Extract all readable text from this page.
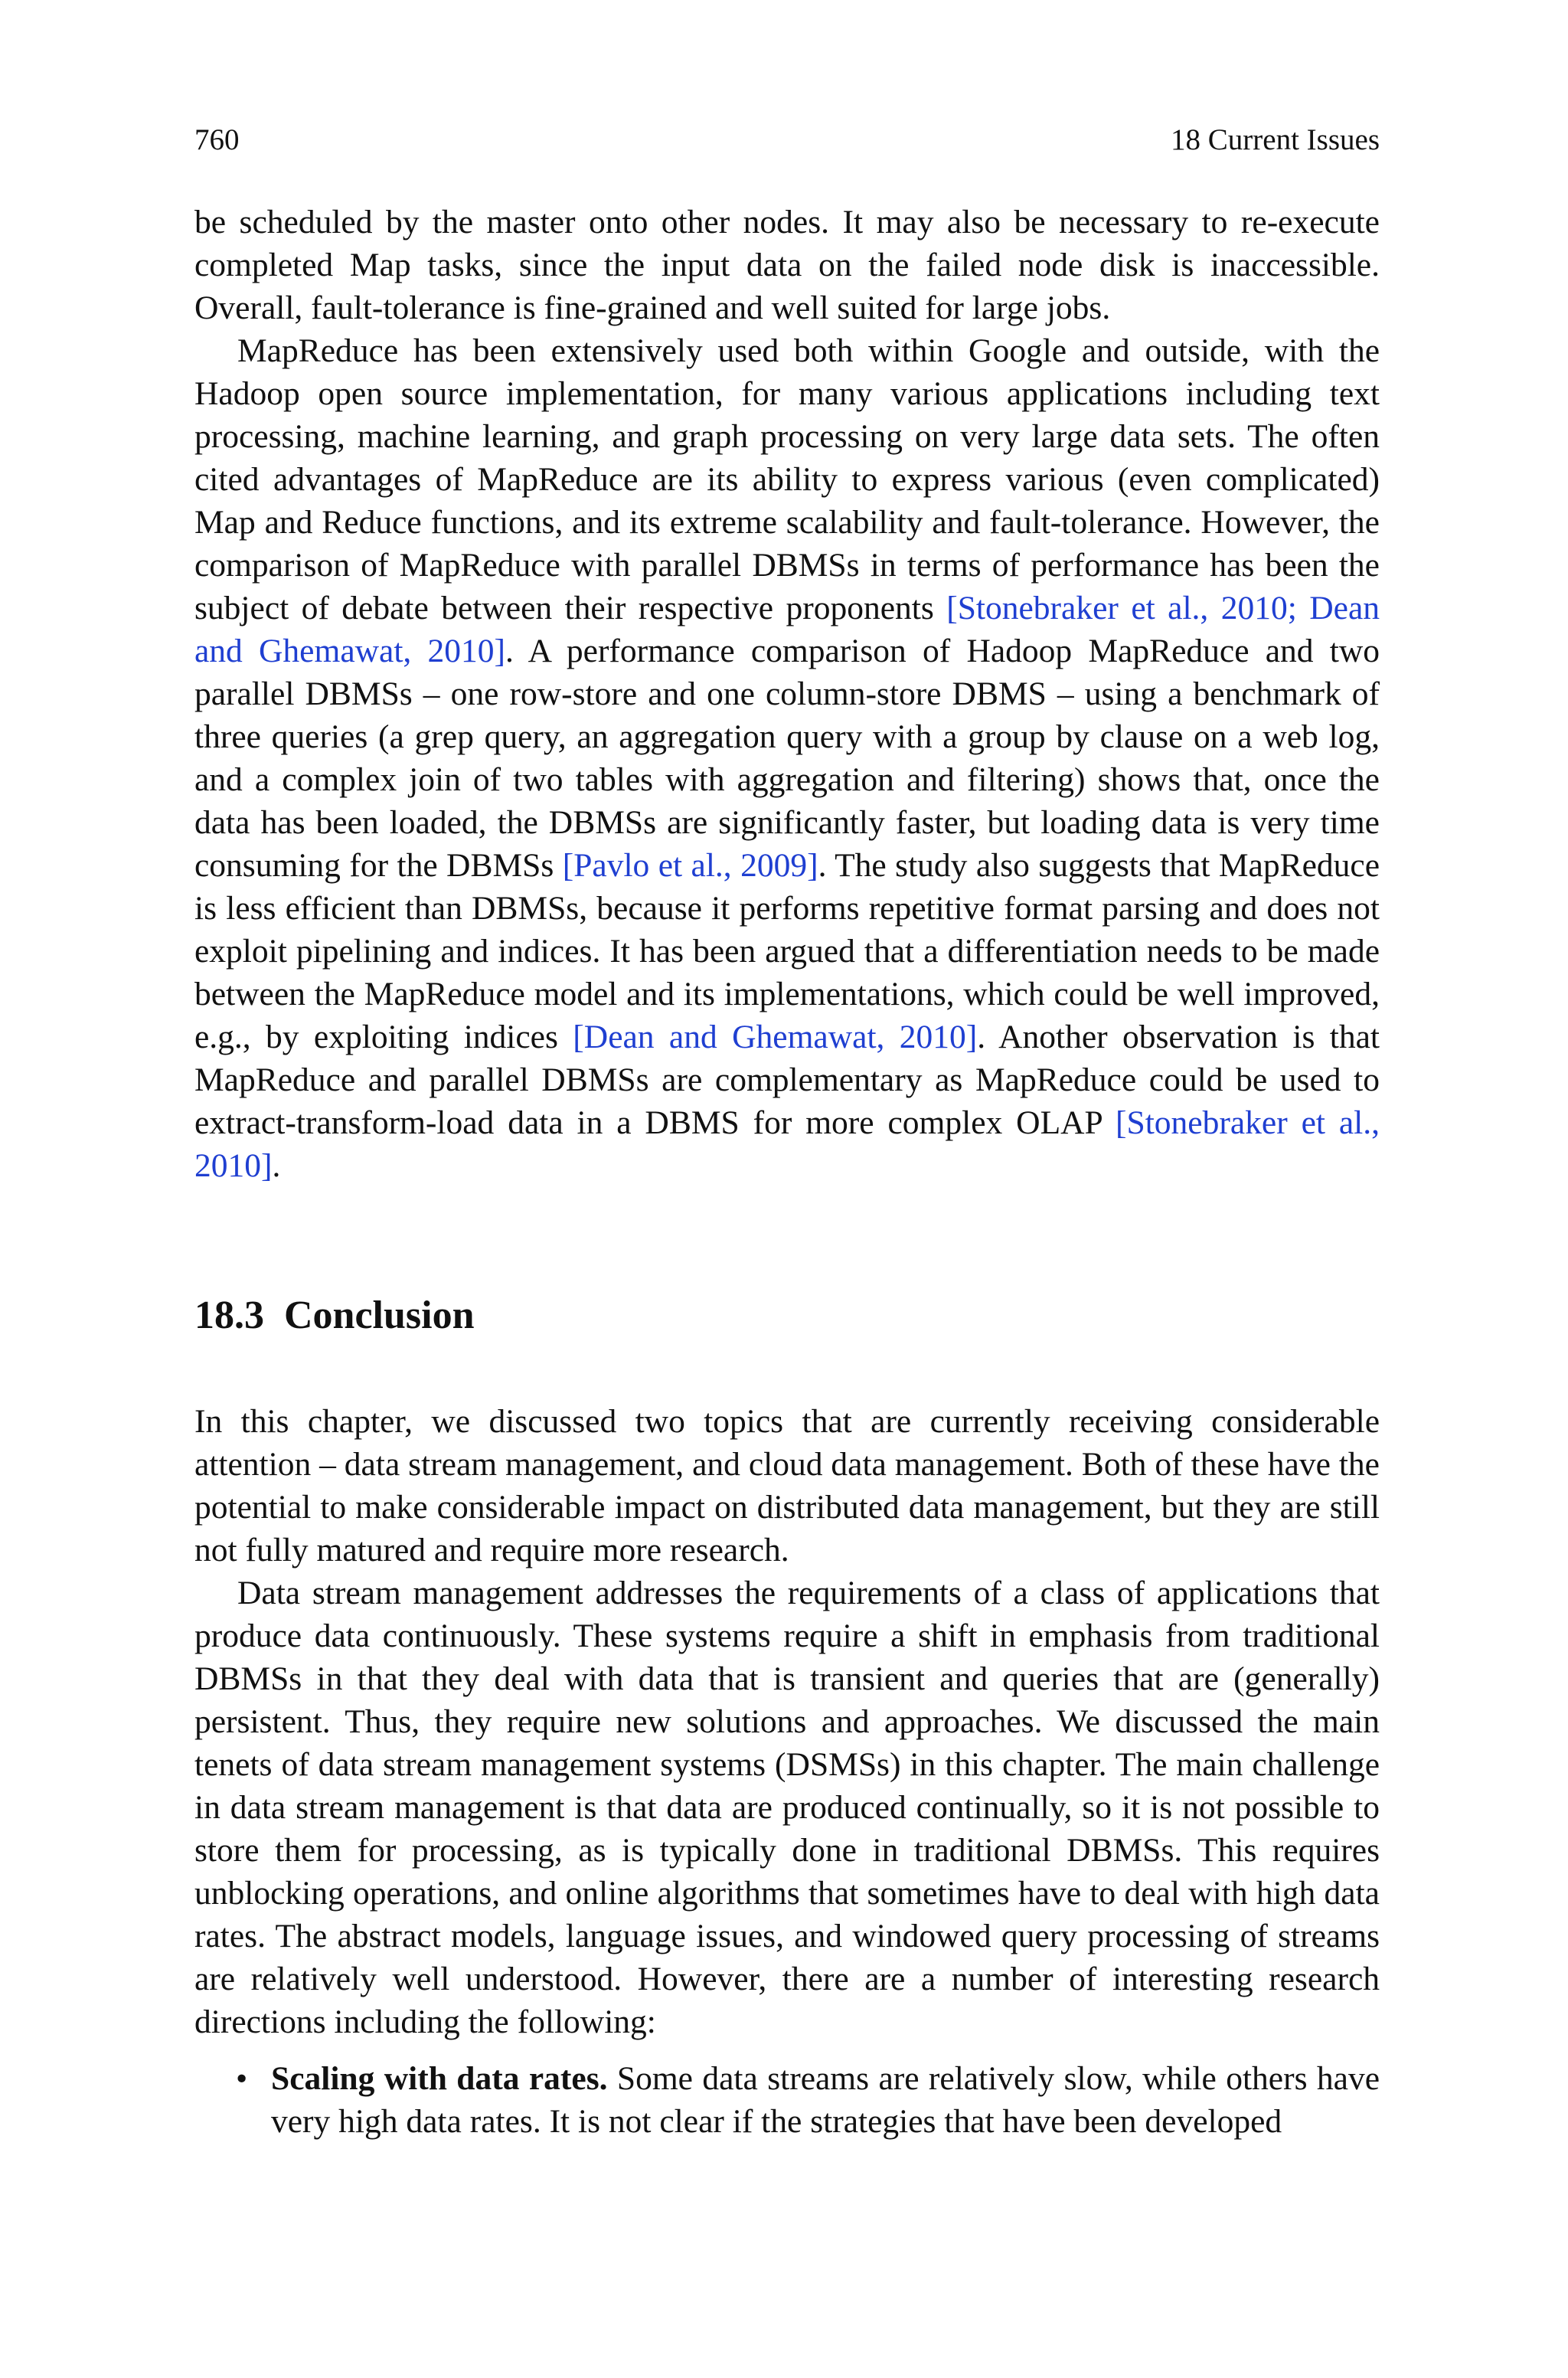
760	18 Current Issues

be scheduled by the master onto other nodes. It may also be necessary to re-execute completed Map tasks, since the input data on the failed node disk is inaccessible. Overall, fault-tolerance is fine-grained and well suited for large jobs.

MapReduce has been extensively used both within Google and outside, with the Hadoop open source implementation, for many various applications including text processing, machine learning, and graph processing on very large data sets. The often cited advantages of MapReduce are its ability to express various (even complicated) Map and Reduce functions, and its extreme scalability and fault-tolerance. However, the comparison of MapReduce with parallel DBMSs in terms of performance has been the subject of debate between their respective proponents [Stonebraker et al., 2010; Dean and Ghemawat, 2010]. A performance comparison of Hadoop MapReduce and two parallel DBMSs – one row-store and one column-store DBMS – using a benchmark of three queries (a grep query, an aggregation query with a group by clause on a web log, and a complex join of two tables with aggregation and filtering) shows that, once the data has been loaded, the DBMSs are significantly faster, but loading data is very time consuming for the DBMSs [Pavlo et al., 2009]. The study also suggests that MapReduce is less efficient than DBMSs, because it performs repetitive format parsing and does not exploit pipelining and indices. It has been argued that a differentiation needs to be made between the MapReduce model and its implementations, which could be well improved, e.g., by exploiting indices [Dean and Ghemawat, 2010]. Another observation is that MapReduce and parallel DBMSs are complementary as MapReduce could be used to extract-transform-load data in a DBMS for more complex OLAP [Stonebraker et al., 2010].

18.3 Conclusion

In this chapter, we discussed two topics that are currently receiving considerable attention – data stream management, and cloud data management. Both of these have the potential to make considerable impact on distributed data management, but they are still not fully matured and require more research.

Data stream management addresses the requirements of a class of applications that produce data continuously. These systems require a shift in emphasis from traditional DBMSs in that they deal with data that is transient and queries that are (generally) persistent. Thus, they require new solutions and approaches. We discussed the main tenets of data stream management systems (DSMSs) in this chapter. The main challenge in data stream management is that data are produced continually, so it is not possible to store them for processing, as is typically done in traditional DBMSs. This requires unblocking operations, and online algorithms that sometimes have to deal with high data rates. The abstract models, language issues, and windowed query processing of streams are relatively well understood. However, there are a number of interesting research directions including the following:

• Scaling with data rates. Some data streams are relatively slow, while others have very high data rates. It is not clear if the strategies that have been developed
